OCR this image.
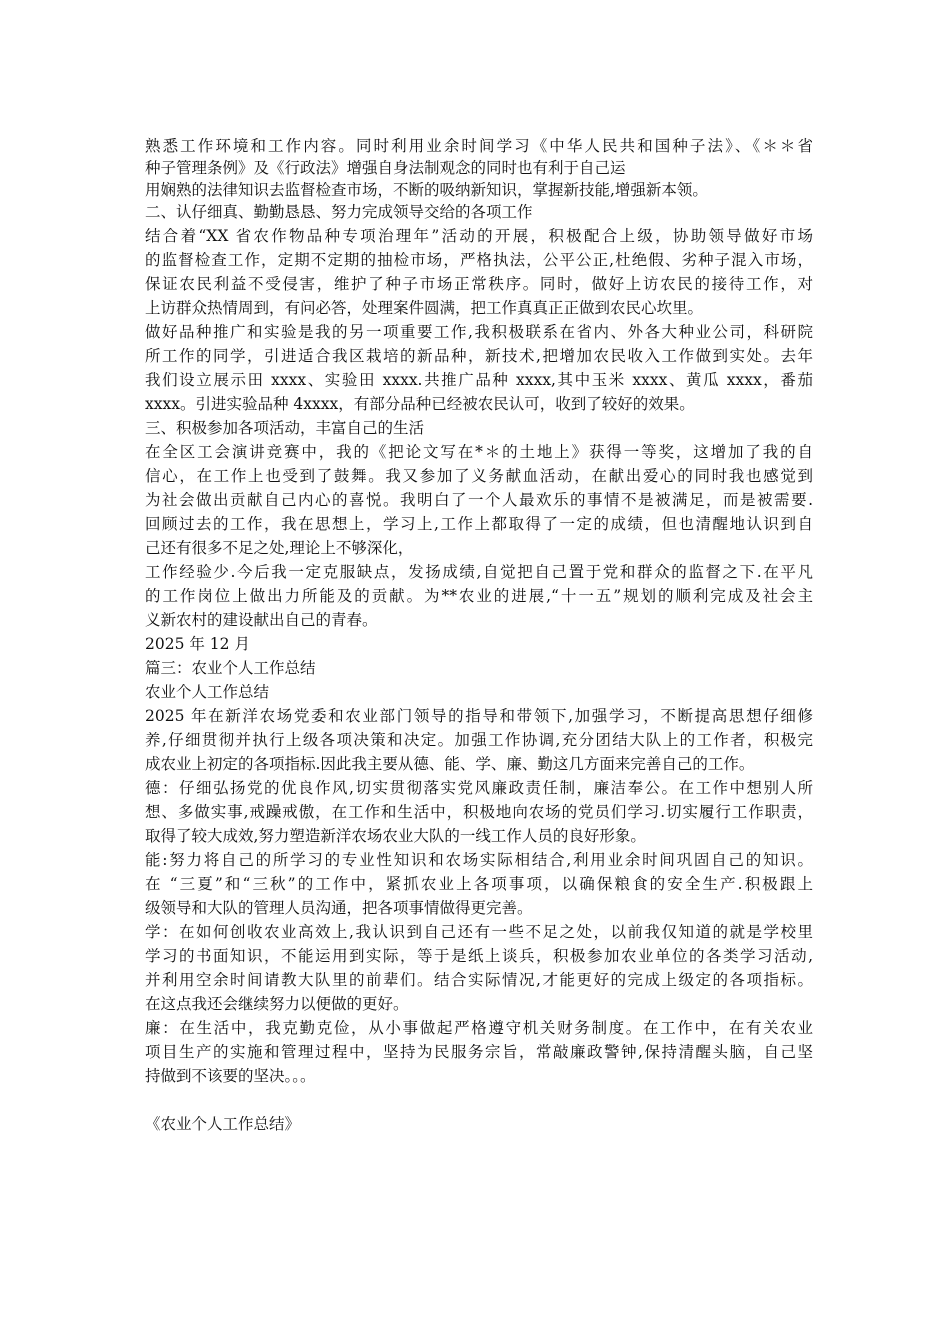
熟悉工作环境和工作内容。同时利用业余时间学习《中华人民共和国种子法》、《＊＊省
种子管理条例》及《行政法》增强自身法制观念的同时也有利于自己运
用娴熟的法律知识去监督检查市场，不断的吸纳新知识，掌握新技能,增强新本领。
二、认仔细真、勤勤恳恳、努力完成领导交给的各项工作
结合着“XX 省农作物品种专项治理年”活动的开展，积极配合上级，协助领导做好市场
的监督检查工作，定期不定期的抽检市场，严格执法，公平公正,杜绝假、劣种子混入市场，
保证农民利益不受侵害，维护了种子市场正常秩序。同时，做好上访农民的接待工作，对
上访群众热情周到，有问必答，处理案件圆满，把工作真真正正做到农民心坎里。
做好品种推广和实验是我的另一项重要工作,我积极联系在省内、外各大种业公司，科研院
所工作的同学，引进适合我区栽培的新品种，新技术,把增加农民收入工作做到实处。去年
我们设立展示田 xxxx、实验田 xxxx.共推广品种 xxxx,其中玉米 xxxx、黄瓜 xxxx，番茄
xxxx。引进实验品种 4xxxx，有部分品种已经被农民认可，收到了较好的效果。
三、积极参加各项活动，丰富自己的生活
在全区工会演讲竞赛中，我的《把论文写在*＊的土地上》获得一等奖，这增加了我的自
信心，在工作上也受到了鼓舞。我又参加了义务献血活动，在献出爱心的同时我也感觉到
为社会做出贡献自己内心的喜悦。我明白了一个人最欢乐的事情不是被满足，而是被需要.
回顾过去的工作，我在思想上，学习上,工作上都取得了一定的成绩，但也清醒地认识到自
己还有很多不足之处,理论上不够深化，
工作经验少.今后我一定克服缺点，发扬成绩,自觉把自己置于党和群众的监督之下.在平凡
的工作岗位上做出力所能及的贡献。为**农业的进展,“十一五”规划的顺利完成及社会主
义新农村的建设献出自己的青春。
2025 年 12 月
篇三：农业个人工作总结
农业个人工作总结
2025 年在新洋农场党委和农业部门领导的指导和带领下,加强学习，不断提高思想仔细修
养,仔细贯彻并执行上级各项决策和决定。加强工作协调,充分团结大队上的工作者，积极完
成农业上初定的各项指标.因此我主要从德、能、学、廉、勤这几方面来完善自己的工作。
德：仔细弘扬党的优良作风,切实贯彻落实党风廉政责任制，廉洁奉公。在工作中想别人所
想、多做实事,戒躁戒傲，在工作和生活中，积极地向农场的党员们学习.切实履行工作职责，
取得了较大成效,努力塑造新洋农场农业大队的一线工作人员的良好形象。
能:努力将自己的所学习的专业性知识和农场实际相结合,利用业余时间巩固自己的知识。
在 “三夏”和“三秋”的工作中，紧抓农业上各项事项，以确保粮食的安全生产.积极跟上
级领导和大队的管理人员沟通，把各项事情做得更完善。
学：在如何创收农业高效上,我认识到自己还有一些不足之处，以前我仅知道的就是学校里
学习的书面知识，不能运用到实际，等于是纸上谈兵，积极参加农业单位的各类学习活动,
并利用空余时间请教大队里的前辈们。结合实际情况,才能更好的完成上级定的各项指标。
在这点我还会继续努力以便做的更好。
廉：在生活中，我克勤克俭，从小事做起严格遵守机关财务制度。在工作中，在有关农业
项目生产的实施和管理过程中，坚持为民服务宗旨，常敲廉政警钟,保持清醒头脑，自己坚
持做到不该要的坚决。。。
《农业个人工作总结》
